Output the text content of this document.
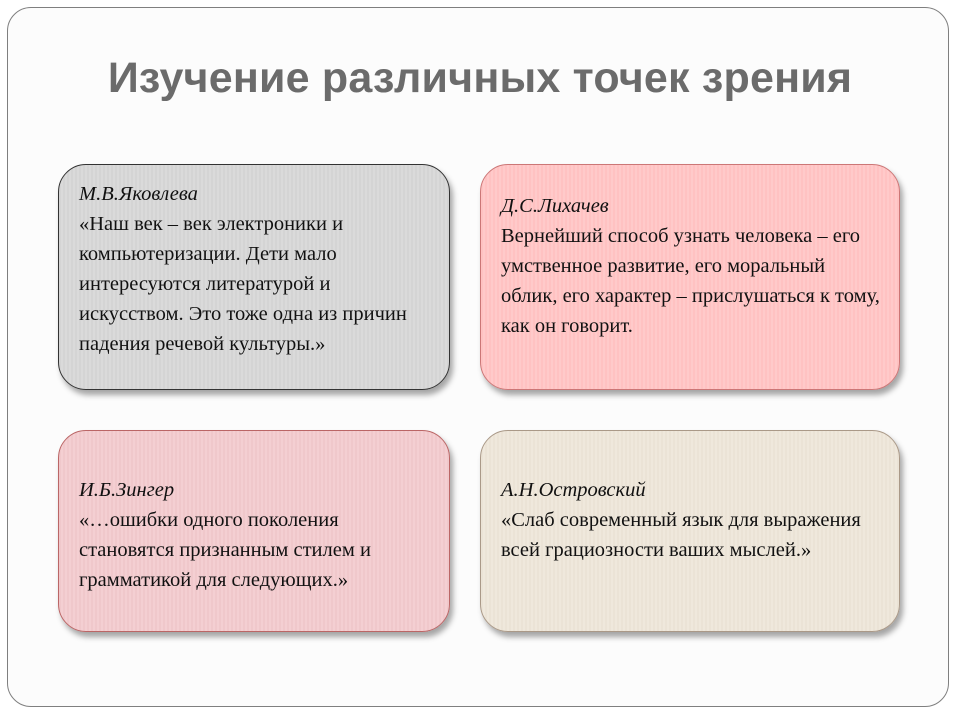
Изучение различных точек зрения
М.В.Яковлева
«Наш век – век электроники и компьютеризации. Дети мало интересуются литературой и искусством. Это тоже одна из причин падения речевой культуры.»
Д.С.Лихачев
Вернейший способ узнать человека – его умственное развитие, его моральный облик, его характер – прислушаться к тому, как он говорит.
И.Б.Зингер
«…ошибки одного поколения становятся признанным стилем и грамматикой для следующих.»
А.Н.Островский
«Слаб современный язык для выражения всей грациозности ваших мыслей.»
